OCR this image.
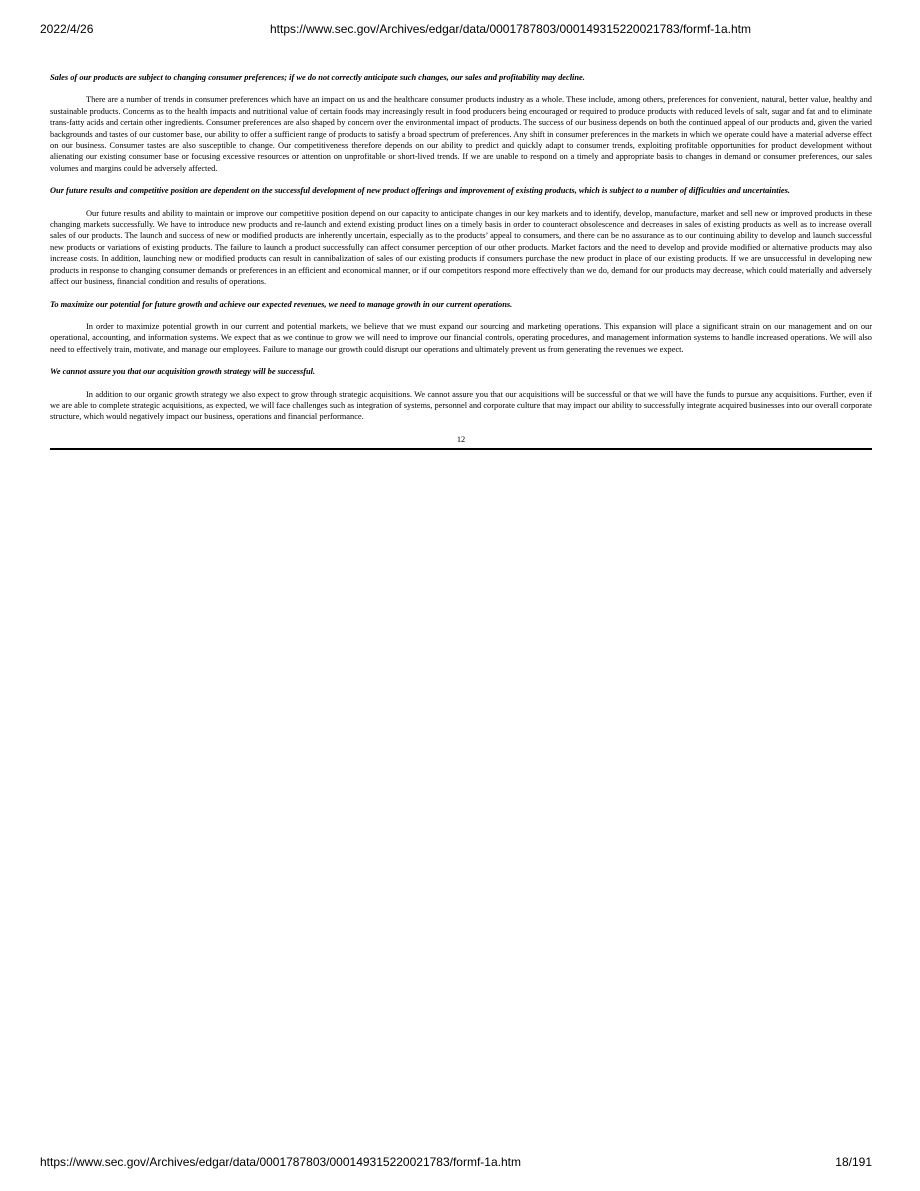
2022/4/26	https://www.sec.gov/Archives/edgar/data/0001787803/000149315220021783/formf-1a.htm

Sales of our products are subject to changing consumer preferences; if we do not correctly anticipate such changes, our sales and profitability may decline.

There are a number of trends in consumer preferences which have an impact on us and the healthcare consumer products industry as a whole. These include, among others, preferences for convenient, natural, better value, healthy and sustainable products. Concerns as to the health impacts and nutritional value of certain foods may increasingly result in food producers being encouraged or required to produce products with reduced levels of salt, sugar and fat and to eliminate trans-fatty acids and certain other ingredients. Consumer preferences are also shaped by concern over the environmental impact of products. The success of our business depends on both the continued appeal of our products and, given the varied backgrounds and tastes of our customer base, our ability to offer a sufficient range of products to satisfy a broad spectrum of preferences. Any shift in consumer preferences in the markets in which we operate could have a material adverse effect on our business. Consumer tastes are also susceptible to change. Our competitiveness therefore depends on our ability to predict and quickly adapt to consumer trends, exploiting profitable opportunities for product development without alienating our existing consumer base or focusing excessive resources or attention on unprofitable or short-lived trends. If we are unable to respond on a timely and appropriate basis to changes in demand or consumer preferences, our sales volumes and margins could be adversely affected.

Our future results and competitive position are dependent on the successful development of new product offerings and improvement of existing products, which is subject to a number of difficulties and uncertainties.

Our future results and ability to maintain or improve our competitive position depend on our capacity to anticipate changes in our key markets and to identify, develop, manufacture, market and sell new or improved products in these changing markets successfully. We have to introduce new products and re-launch and extend existing product lines on a timely basis in order to counteract obsolescence and decreases in sales of existing products as well as to increase overall sales of our products. The launch and success of new or modified products are inherently uncertain, especially as to the products’ appeal to consumers, and there can be no assurance as to our continuing ability to develop and launch successful new products or variations of existing products. The failure to launch a product successfully can affect consumer perception of our other products. Market factors and the need to develop and provide modified or alternative products may also increase costs. In addition, launching new or modified products can result in cannibalization of sales of our existing products if consumers purchase the new product in place of our existing products. If we are unsuccessful in developing new products in response to changing consumer demands or preferences in an efficient and economical manner, or if our competitors respond more effectively than we do, demand for our products may decrease, which could materially and adversely affect our business, financial condition and results of operations.

To maximize our potential for future growth and achieve our expected revenues, we need to manage growth in our current operations.

In order to maximize potential growth in our current and potential markets, we believe that we must expand our sourcing and marketing operations. This expansion will place a significant strain on our management and on our operational, accounting, and information systems. We expect that as we continue to grow we will need to improve our financial controls, operating procedures, and management information systems to handle increased operations. We will also need to effectively train, motivate, and manage our employees. Failure to manage our growth could disrupt our operations and ultimately prevent us from generating the revenues we expect.

We cannot assure you that our acquisition growth strategy will be successful.

In addition to our organic growth strategy we also expect to grow through strategic acquisitions. We cannot assure you that our acquisitions will be successful or that we will have the funds to pursue any acquisitions. Further, even if we are able to complete strategic acquisitions, as expected, we will face challenges such as integration of systems, personnel and corporate culture that may impact our ability to successfully integrate acquired businesses into our overall corporate structure, which would negatively impact our business, operations and financial performance.

12
https://www.sec.gov/Archives/edgar/data/0001787803/000149315220021783/formf-1a.htm	18/191
